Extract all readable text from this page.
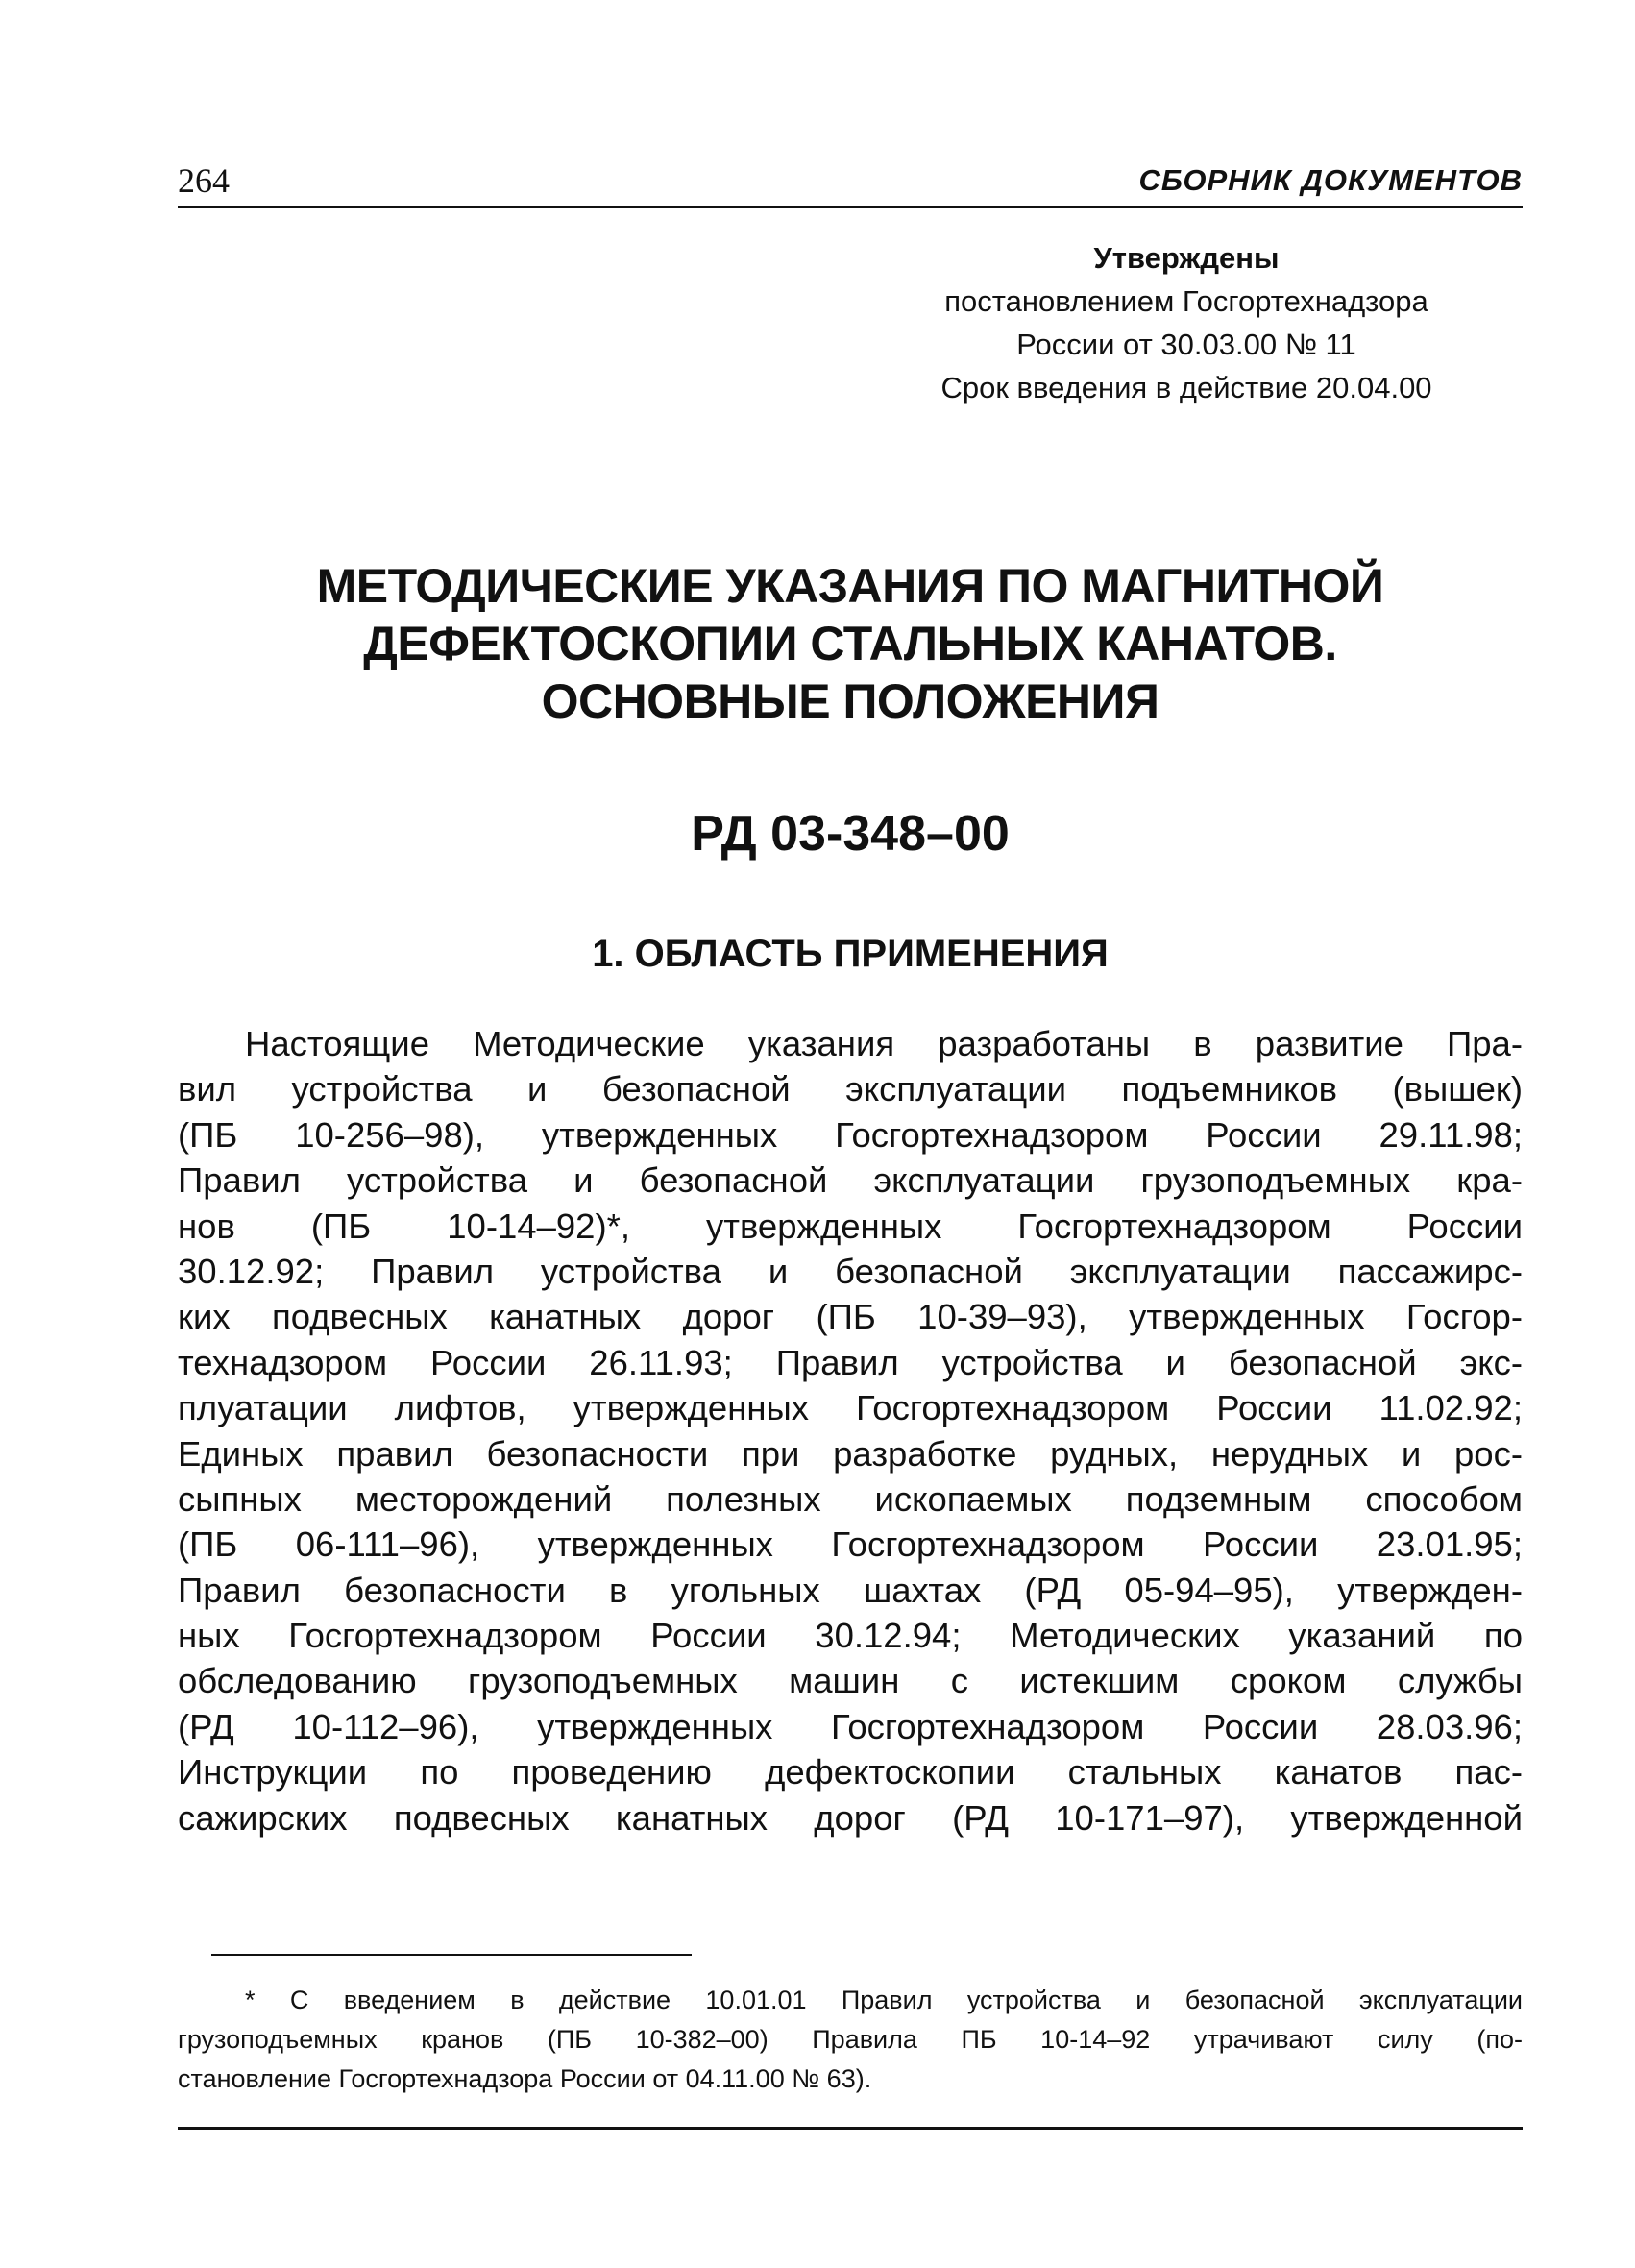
264	СБОРНИК ДОКУМЕНТОВ
Утверждены
постановлением Госгортехнадзора
России от 30.03.00 № 11
Срок введения в действие 20.04.00
МЕТОДИЧЕСКИЕ УКАЗАНИЯ ПО МАГНИТНОЙ
ДЕФЕКТОСКОПИИ СТАЛЬНЫХ КАНАТОВ.
ОСНОВНЫЕ ПОЛОЖЕНИЯ
РД 03-348–00
1. ОБЛАСТЬ ПРИМЕНЕНИЯ
Настоящие Методические указания разработаны в развитие Пра-
вил устройства и безопасной эксплуатации подъемников (вышек)
(ПБ 10-256–98), утвержденных Госгортехнадзором России 29.11.98;
Правил устройства и безопасной эксплуатации грузоподъемных кра-
нов (ПБ 10-14–92)*, утвержденных Госгортехнадзором России
30.12.92; Правил устройства и безопасной эксплуатации пассажирс-
ких подвесных канатных дорог (ПБ 10-39–93), утвержденных Госгор-
технадзором России 26.11.93; Правил устройства и безопасной экс-
плуатации лифтов, утвержденных Госгортехнадзором России 11.02.92;
Единых правил безопасности при разработке рудных, нерудных и рос-
сыпных месторождений полезных ископаемых подземным способом
(ПБ 06-111–96), утвержденных Госгортехнадзором России 23.01.95;
Правил безопасности в угольных шахтах (РД 05-94–95), утвержден-
ных Госгортехнадзором России 30.12.94; Методических указаний по
обследованию грузоподъемных машин с истекшим сроком службы
(РД 10-112–96), утвержденных Госгортехнадзором России 28.03.96;
Инструкции по проведению дефектоскопии стальных канатов пас-
сажирских подвесных канатных дорог (РД 10-171–97), утвержденной
* С введением в действие 10.01.01 Правил устройства и безопасной эксплуатации
грузоподъемных кранов (ПБ 10-382–00) Правила ПБ 10-14–92 утрачивают силу (по-
становление Госгортехнадзора России от 04.11.00 № 63).
